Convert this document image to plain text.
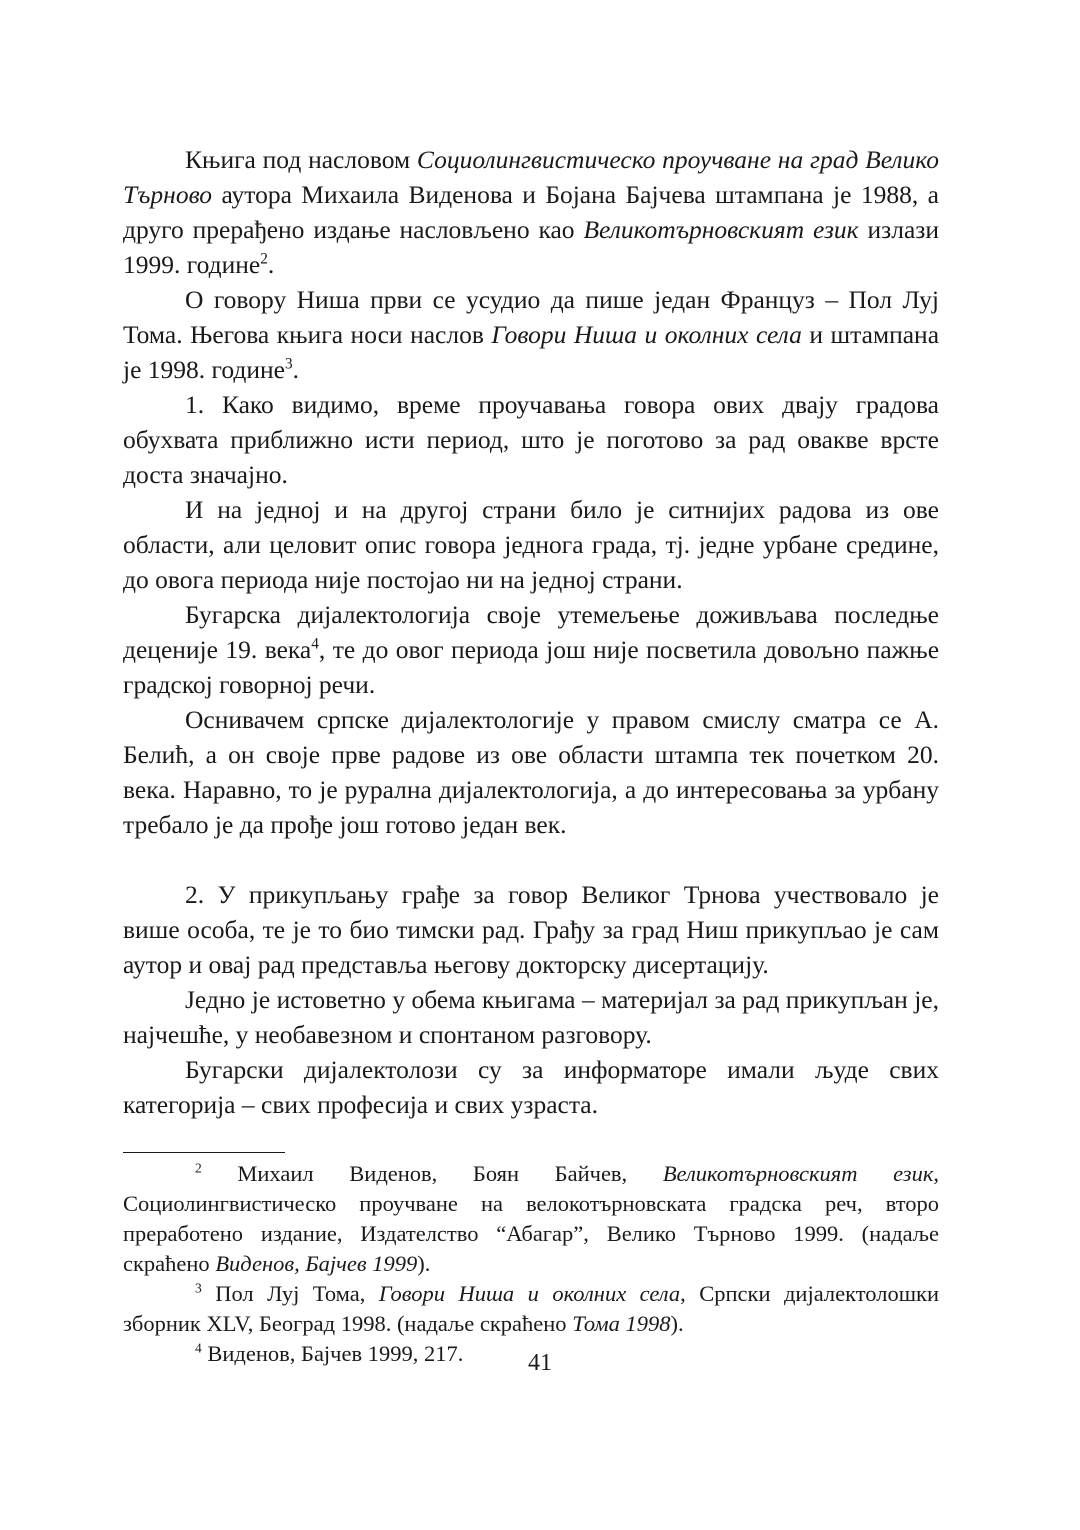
Књига под насловом Социолингвистическо проучване на град Велико Търново аутора Михаила Виденова и Бојана Бајчева штампана је 1988, а друго прерађено издање насловљено као Великотърновският език излази 1999. године$^2$.

О говору Ниша први се усудио да пише један Француз – Пол Луј Тома. Његова књига носи наслов Говори Ниша и околних села и штампана је 1998. године$^3$.

1. Како видимо, време проучавања говора ових двају градова обухвата приближно исти период, што је поготово за рад овакве врсте доста значајно.

И на једној и на другој страни било је ситнијих радова из ове области, али целовит опис говора једнога града, тј. једне урбане средине, до овога периода није постојао ни на једној страни.

Бугарска дијалектологија своје утемељење доживљава последње деценије 19. века$^4$, те до овог периода још није посветила довољно пажње градској говорној речи.

Оснивачем српске дијалектологије у правом смислу сматра се А. Белић, а он своје прве радове из ове области штампа тек почетком 20. века. Наравно, то је рурална дијалектологија, а до интересовања за урбану требало је да прође још готово један век.

2. У прикупљању грађе за говор Великог Трнова учествовало је више особа, те је то био тимски рад. Грађу за град Ниш прикупљао је сам аутор и овај рад представља његову докторску дисертацију.

Једно је истоветно у обема књигама – материјал за рад прикупљан је, најчешће, у необавезном и спонтаном разговору.

Бугарски дијалектолози су за информаторе имали људе свих категорија – свих професија и свих узраста.

$^2$ Михаил Виденов, Боян Байчев, Великотърновският език, Социолингвистическо проучване на велокотърновската градска реч, второ преработено издание, Издателство “Абагар”, Велико Търново 1999. (надаље скраћено Виденов, Бајчев 1999).

$^3$ Пол Луј Тома, Говори Ниша и околних села, Српски дијалектолошки зборник XLV, Београд 1998. (надаље скраћено Тома 1998).

$^4$ Виденов, Бајчев 1999, 217.	41
